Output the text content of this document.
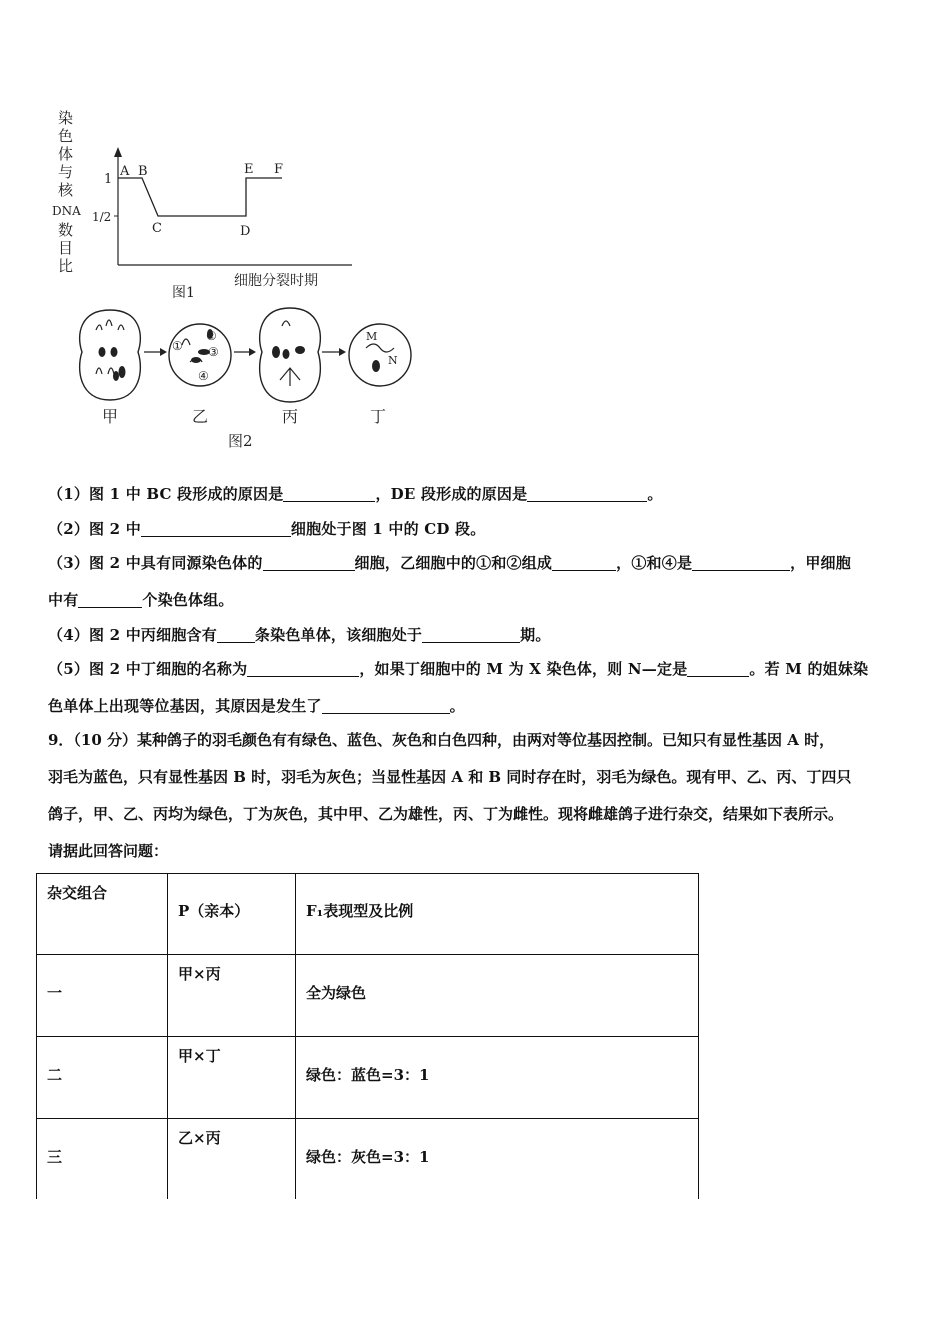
染
色
体
与
核
DNA
数
目
比
1
1/2
A B
C	D
E F
细胞分裂时期
图1
①
②
③
④
M
N
甲	乙	丙	丁
图2
（1）图 1 中 BC 段形成的原因是	，DE 段形成的原因是	。
（2）图 2 中	细胞处于图 1 中的 CD 段。
（3）图 2 中具有同源染色体的	细胞，乙细胞中的①和②组成	，①和④是	，甲细胞
中有	个染色体组。
（4）图 2 中丙细胞含有	条染色单体，该细胞处于	期。
（5）图 2 中丁细胞的名称为	，如果丁细胞中的 M 为 X 染色体，则 N—定是	。若 M 的姐妹染
色单体上出现等位基因，其原因是发生了	。
9．（10 分）某种鸽子的羽毛颜色有有绿色、蓝色、灰色和白色四种，由两对等位基因控制。已知只有显性基因 A 时，
羽毛为蓝色，只有显性基因 B 时，羽毛为灰色；当显性基因 A 和 B 同时存在时，羽毛为绿色。现有甲、乙、丙、丁四只
鸽子，甲、乙、丙均为绿色，丁为灰色，其中甲、乙为雄性，丙、丁为雌性。现将雌雄鸽子进行杂交，结果如下表所示。
请据此回答问题：
杂交组合	P（亲本）	F₁表现型及比例

一	甲×丙	全为绿色

二	甲×丁	绿色：蓝色=3：1

三	乙×丙	绿色：灰色=3：1
